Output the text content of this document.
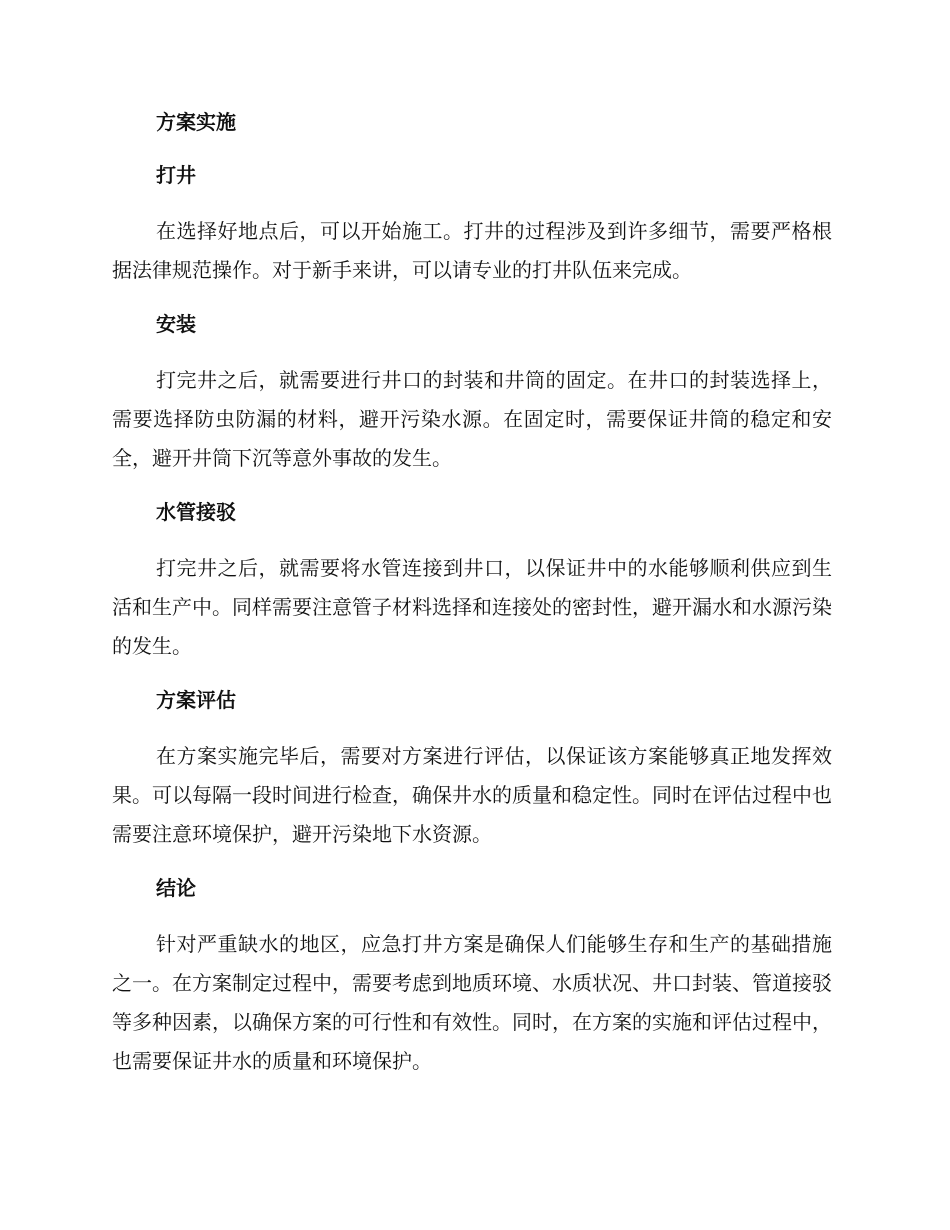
方案实施
打井

在选择好地点后，可以开始施工。打井的过程涉及到许多细节，需要严格根据法律规范操作。对于新手来讲，可以请专业的打井队伍来完成。

安装

打完井之后，就需要进行井口的封装和井筒的固定。在井口的封装选择上，需要选择防虫防漏的材料，避开污染水源。在固定时，需要保证井筒的稳定和安全，避开井筒下沉等意外事故的发生。

水管接驳

打完井之后，就需要将水管连接到井口，以保证井中的水能够顺利供应到生活和生产中。同样需要注意管子材料选择和连接处的密封性，避开漏水和水源污染的发生。

方案评估

在方案实施完毕后，需要对方案进行评估，以保证该方案能够真正地发挥效果。可以每隔一段时间进行检查，确保井水的质量和稳定性。同时在评估过程中也需要注意环境保护，避开污染地下水资源。

结论

针对严重缺水的地区，应急打井方案是确保人们能够生存和生产的基础措施之一。在方案制定过程中，需要考虑到地质环境、水质状况、井口封装、管道接驳等多种因素，以确保方案的可行性和有效性。同时，在方案的实施和评估过程中，也需要保证井水的质量和环境保护。
